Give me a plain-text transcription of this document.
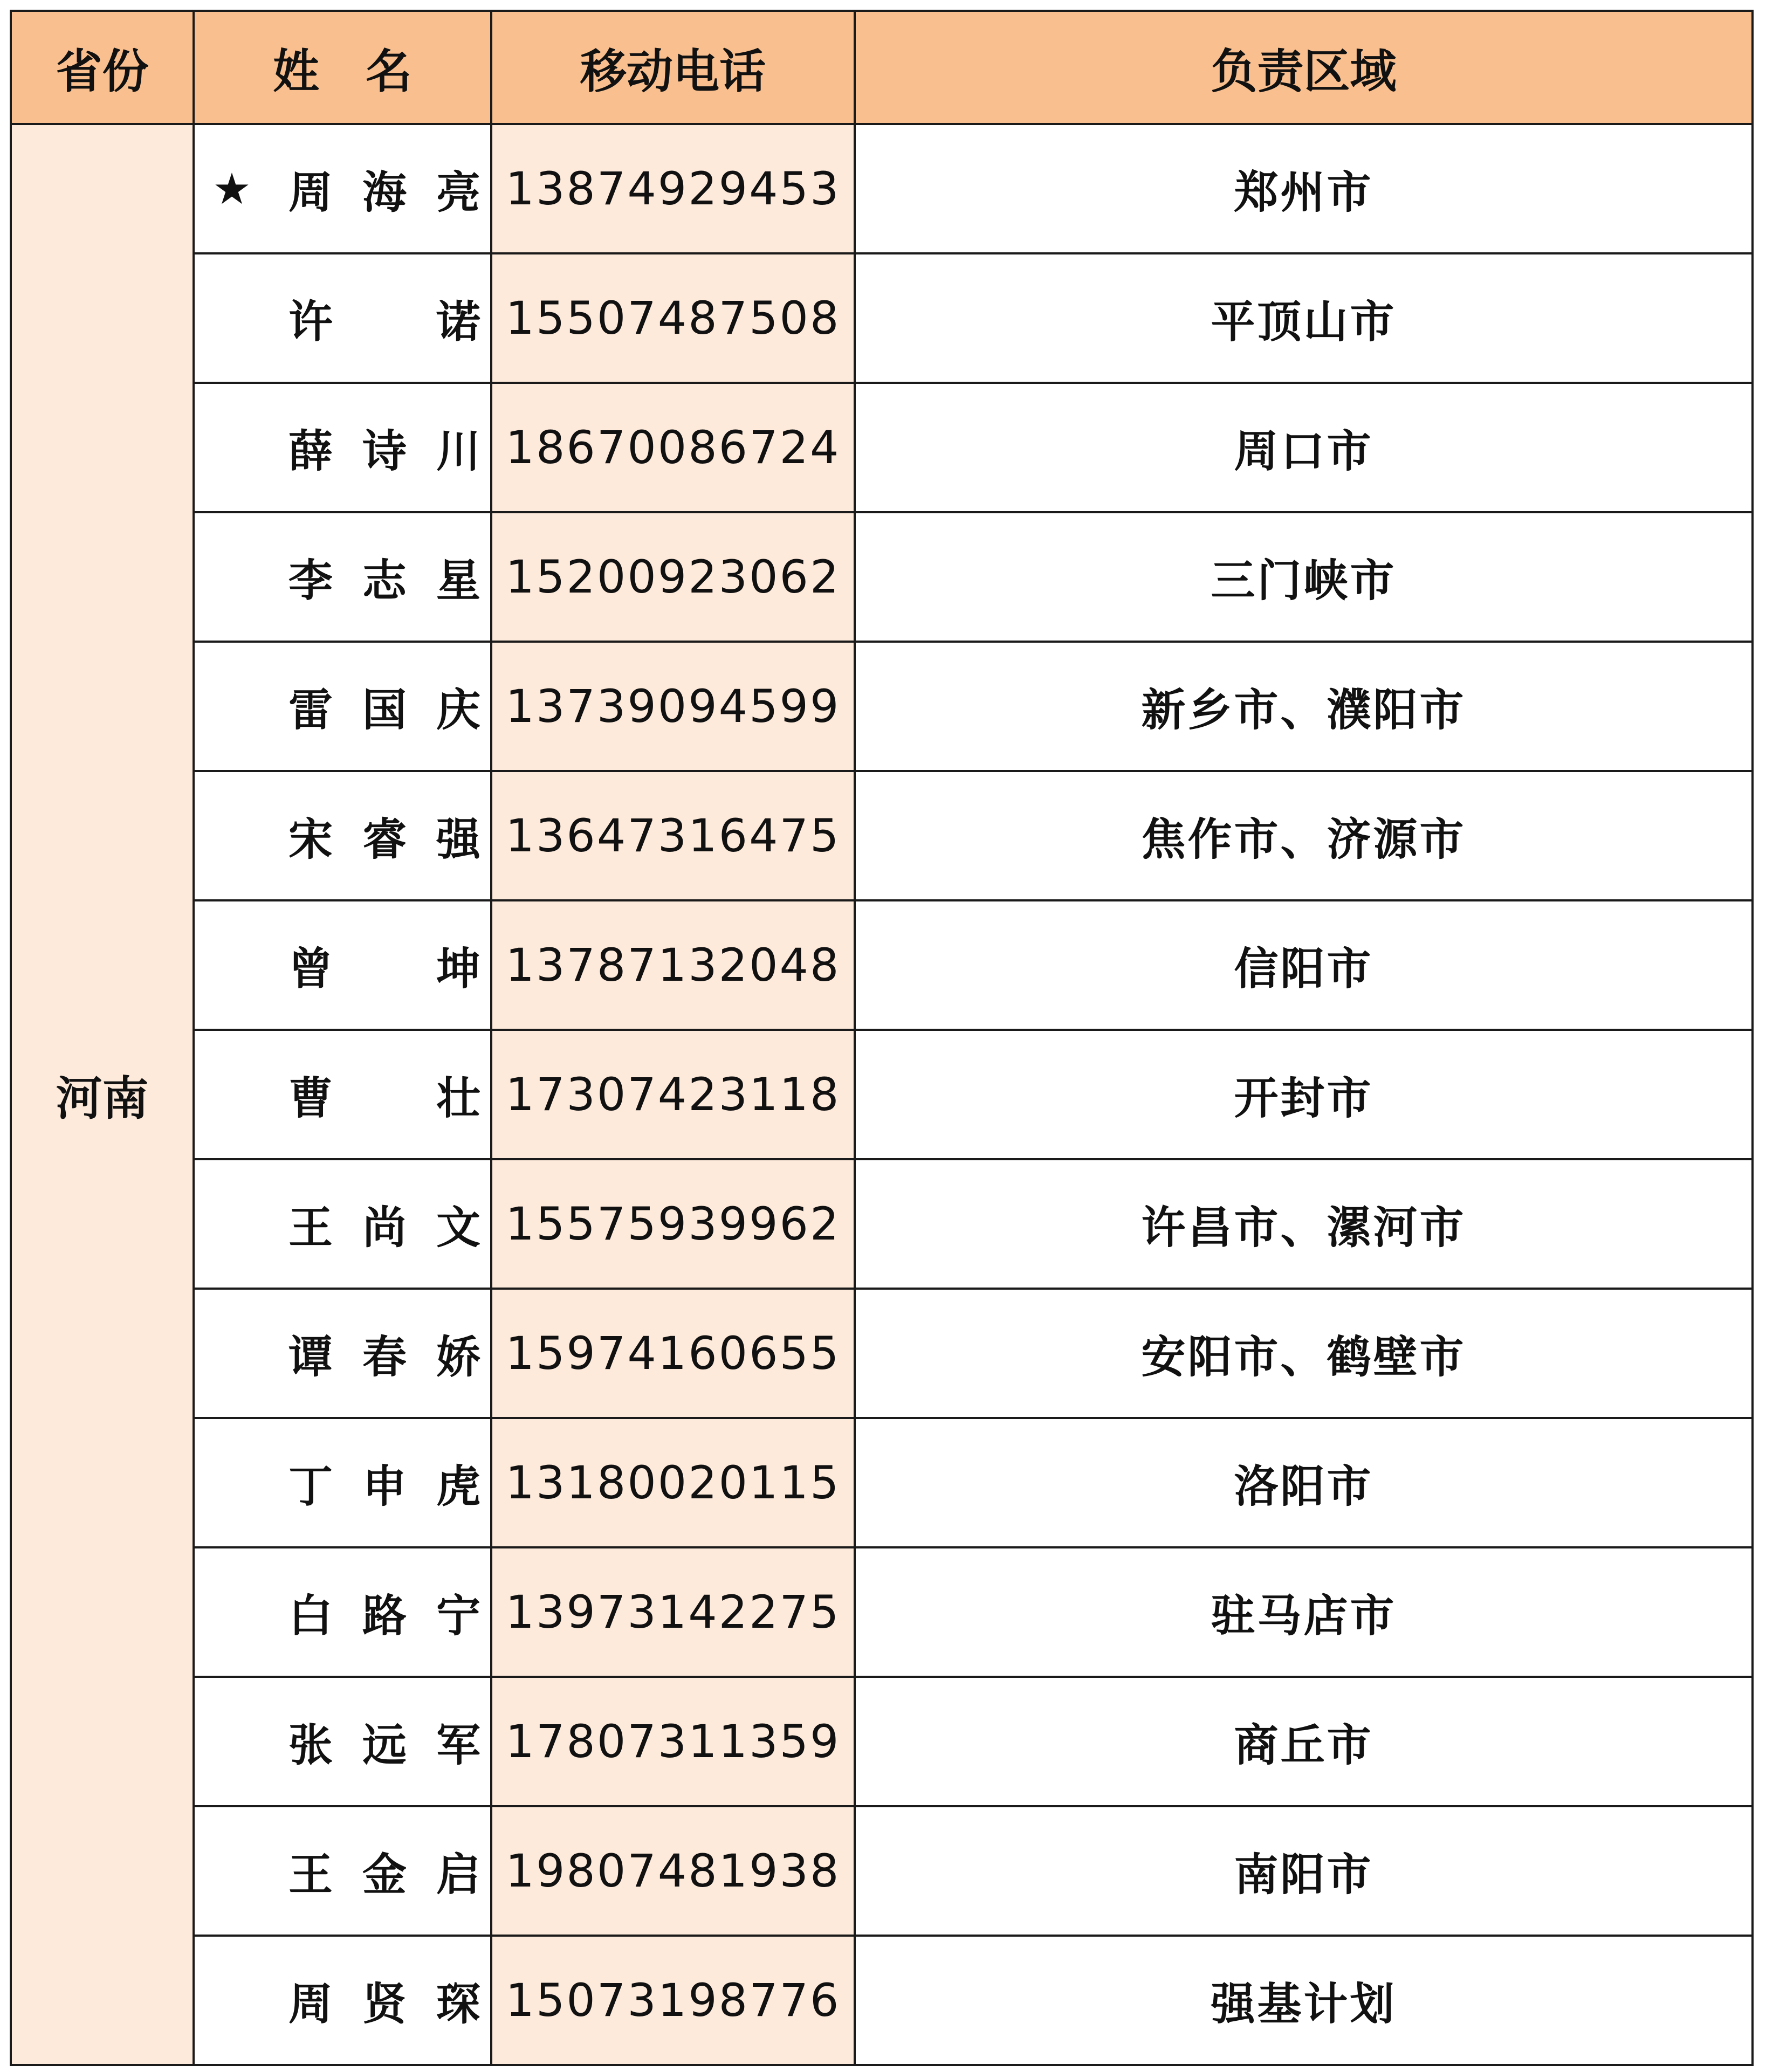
省份	姓　名	移动电话	负责区域
河南	★ 周 海 亮	13874929453	郑州市

	许 诺	15507487508	平顶山市

	薛 诗 川	18670086724	周口市

	李 志 星	15200923062	三门峡市

	雷 国 庆	13739094599	新乡市、濮阳市

	宋 睿 强	13647316475	焦作市、济源市

	曾 坤	13787132048	信阳市

	曹 壮	17307423118	开封市

	王 尚 文	15575939962	许昌市、漯河市

	谭 春 娇	15974160655	安阳市、鹤壁市

	丁 申 虎	13180020115	洛阳市

	白 路 宁	13973142275	驻马店市

	张 远 军	17807311359	商丘市

	王 金 启	19807481938	南阳市

	周 贤 琛	15073198776	强基计划
